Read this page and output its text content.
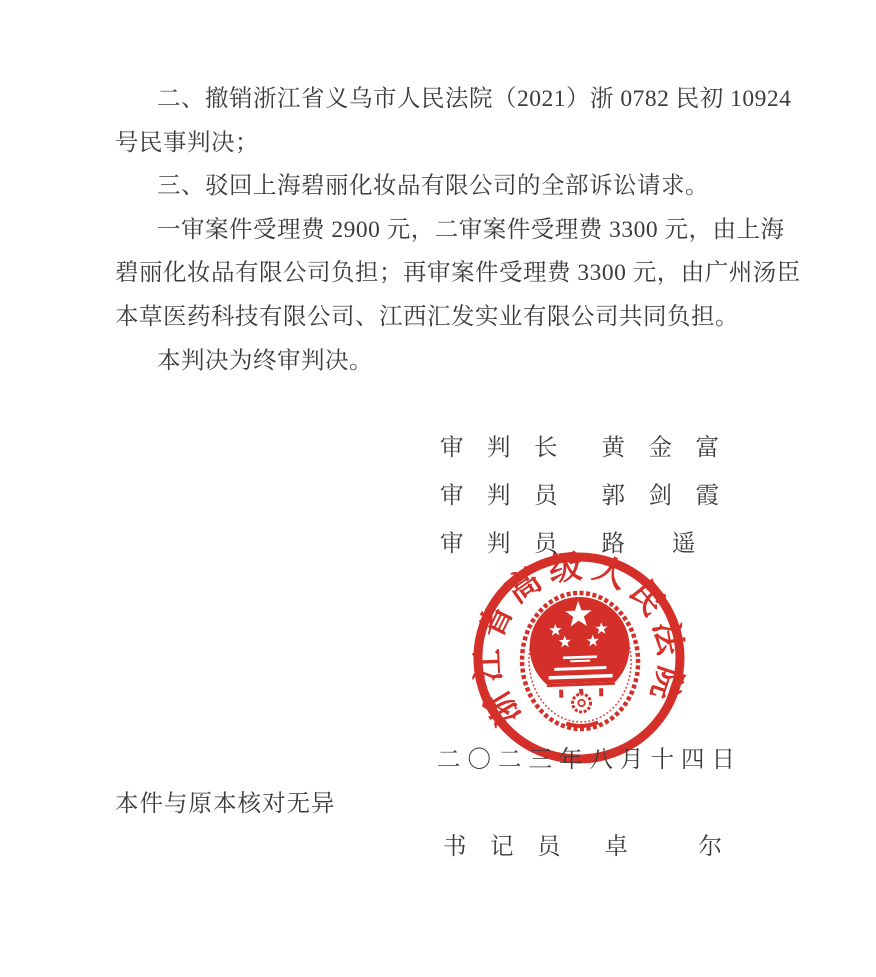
二、撤销浙江省义乌市人民法院（2021）浙 0782 民初 10924
号民事判决；
三、驳回上海碧丽化妆品有限公司的全部诉讼请求。
一审案件受理费 2900 元，二审案件受理费 3300 元，由上海
碧丽化妆品有限公司负担；再审案件受理费 3300 元，由广州汤臣
本草医药科技有限公司、江西汇发实业有限公司共同负担。
本判决为终审判决。
审　判　长 黄　金　富
审　判　员 郭　剑　霞
审　判　员 路　　遥
浙江省高级人民法院
二〇二三年八月十四日
本件与原本核对无异
书　记　员 卓　　　尔
